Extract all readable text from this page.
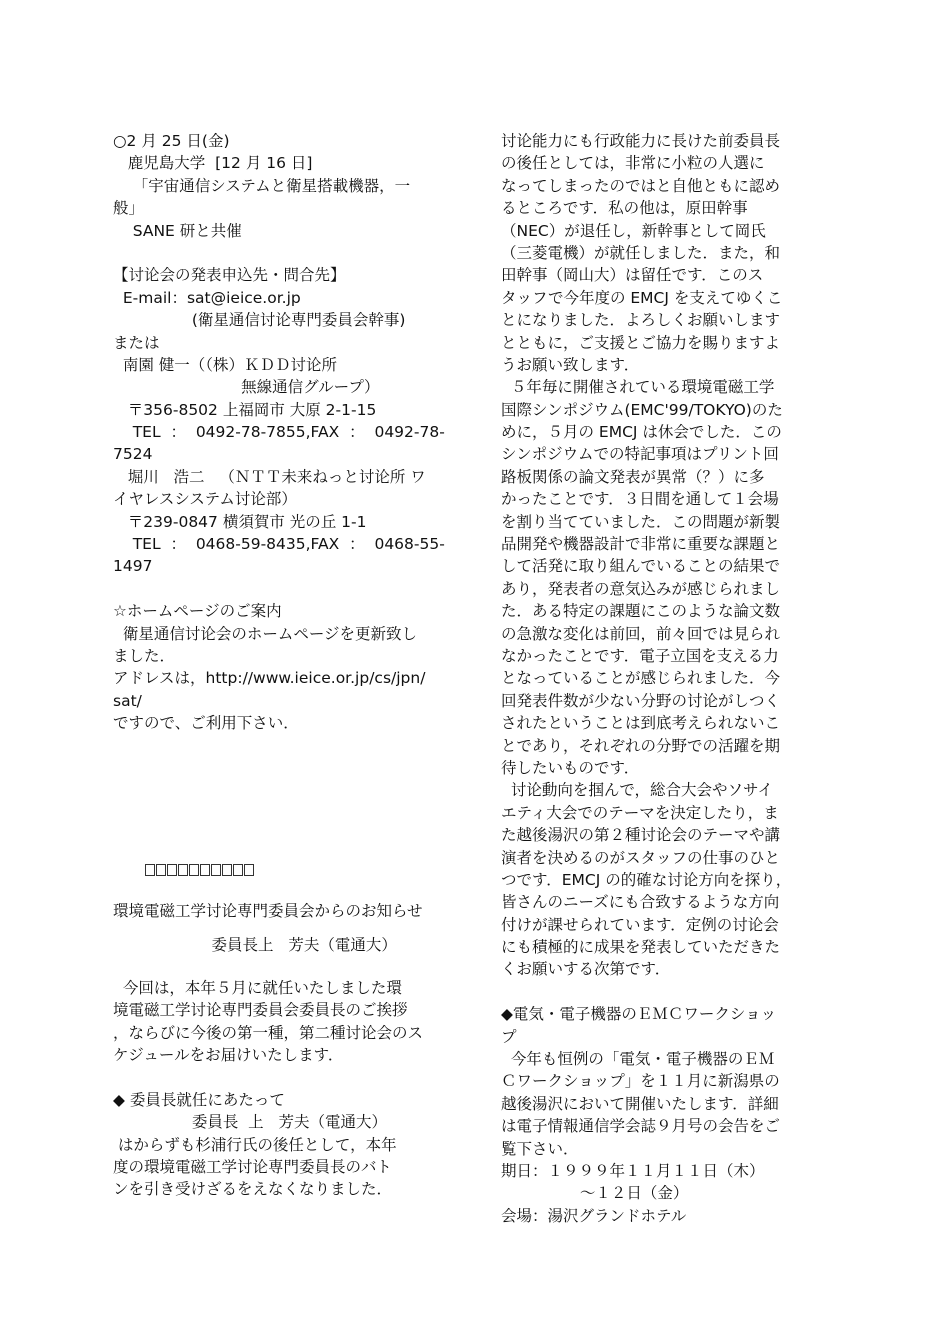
○2 月 25 日(金)
鹿児島大学  [12 月 16 日]
「宇宙通信システムと衛星搭載機器，一
般」
SANE 研と共催
【讨论会の発表申込先・問合先】
E-mail：sat@ieice.or.jp
(衛星通信讨论専門委員会幹事)
または
南園 健一（（株）ＫＤＤ讨论所
無線通信グループ）
〒356-8502 上福岡市 大原 2-1-15
TEL  ：  0492-78-7855,FAX  ：  0492-78-
7524
堀川   浩二   （ＮＴＴ未来ねっと讨论所 ワ
イヤレスシステム讨论部）
〒239-0847 横須賀市 光の丘 1-1
TEL  ：  0468-59-8435,FAX  ：  0468-55-
1497
☆ホームページのご案内
衛星通信讨论会のホームページを更新致し
ました．
アドレスは，http://www.ieice.or.jp/cs/jpn/
sat/
ですので、ご利用下さい．
環境電磁工学讨论専門委員会からのお知らせ
委員長上   芳夫（電通大）
今回は，本年５月に就任いたしました環
境電磁工学讨论専門委員会委員長のご挨拶
，ならびに今後の第一種，第二種讨论会のス
ケジュールをお届けいたします．
◆ 委員長就任にあたって
委員長  上   芳夫（電通大）
はからずも杉浦行氏の後任として，本年
度の環境電磁工学讨论専門委員長のバト
ンを引き受けざるをえなくなりました．
讨论能力にも行政能力に長けた前委員長
の後任としては，非常に小粒の人選に
なってしまったのではと自他ともに認め
るところです．私の他は，原田幹事
（NEC）が退任し，新幹事として岡氏
（三菱電機）が就任しました．また，和
田幹事（岡山大）は留任です．このス
タッフで今年度の EMCJ を支えてゆくこ
とになりました．よろしくお願いします
とともに，ご支援とご協力を賜りますよ
うお願い致します．
５年毎に開催されている環境電磁工学
国際シンポジウム(EMC'99/TOKYO)のた
めに，５月の EMCJ は休会でした．この
シンポジウムでの特記事項はプリント回
路板関係の論文発表が異常（？）に多
かったことです．３日間を通して１会場
を割り当てていました．この問題が新製
品開発や機器設計で非常に重要な課題と
して活発に取り組んでいることの結果で
あり，発表者の意気込みが感じられまし
た．ある特定の課題にこのような論文数
の急激な変化は前回，前々回では見られ
なかったことです．電子立国を支える力
となっていることが感じられました．今
回発表件数が少ない分野の讨论がしつく
されたということは到底考えられないこ
とであり，それぞれの分野での活躍を期
待したいものです．
讨论動向を掴んで，総合大会やソサイ
エティ大会でのテーマを決定したり，ま
た越後湯沢の第２種讨论会のテーマや講
演者を決めるのがスタッフの仕事のひと
つです．EMCJ の的確な讨论方向を探り，
皆さんのニーズにも合致するような方向
付けが課せられています．定例の讨论会
にも積極的に成果を発表していただきた
くお願いする次第です．
◆電気・電子機器のＥＭＣワークショッ
プ
今年も恒例の「電気・電子機器のＥＭ
Ｃワークショップ」を１１月に新潟県の
越後湯沢において開催いたします．詳細
は電子情報通信学会誌９月号の会告をご
覧下さい．
期日：１９９９年１１月１１日（木）
～１２日（金）
会場：湯沢グランドホテル
